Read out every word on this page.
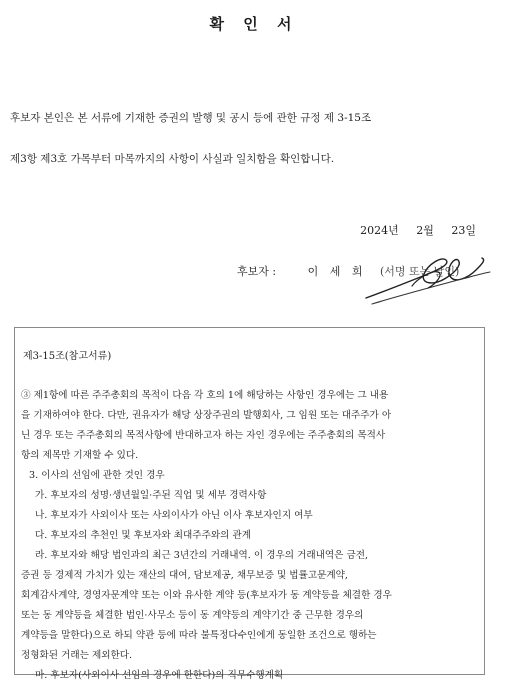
확 인 서
후보자 본인은 본 서류에 기재한 증권의 발행 및 공시 등에 관한 규정 제 3-15조
제3항 제3호 가목부터 마목까지의 사항이 사실과 일치함을 확인합니다.
2024년 2월 23일
후보자 :	이 세 희 (서명 또는 날인)
제3-15조(참고서류)
③ 제1항에 따른 주주총회의 목적이 다음 각 호의 1에 해당하는 사항인 경우에는 그 내용
을 기재하여야 한다. 다만, 권유자가 해당 상장주권의 발행회사, 그 임원 또는 대주주가 아
닌 경우 또는 주주총회의 목적사항에 반대하고자 하는 자인 경우에는 주주총회의 목적사
항의 제목만 기재할 수 있다.
3. 이사의 선임에 관한 것인 경우
가. 후보자의 성명·생년월일·주된 직업 및 세부 경력사항
나. 후보자가 사외이사 또는 사외이사가 아닌 이사 후보자인지 여부
다. 후보자의 추천인 및 후보자와 최대주주와의 관계
라. 후보자와 해당 법인과의 최근 3년간의 거래내역. 이 경우의 거래내역은 금전,
증권 등 경제적 가치가 있는 재산의 대여, 담보제공, 채무보증 및 법률고문계약,
회계감사계약, 경영자문계약 또는 이와 유사한 계약 등(후보자가 동 계약등을 체결한 경우
또는 동 계약등을 체결한 법인·사무소 등이 동 계약등의 계약기간 중 근무한 경우의
계약등을 말한다)으로 하되 약관 등에 따라 불특정다수인에게 동일한 조건으로 행하는
정형화된 거래는 제외한다.
마. 후보자(사외이사 선임의 경우에 한한다)의 직무수행계획
